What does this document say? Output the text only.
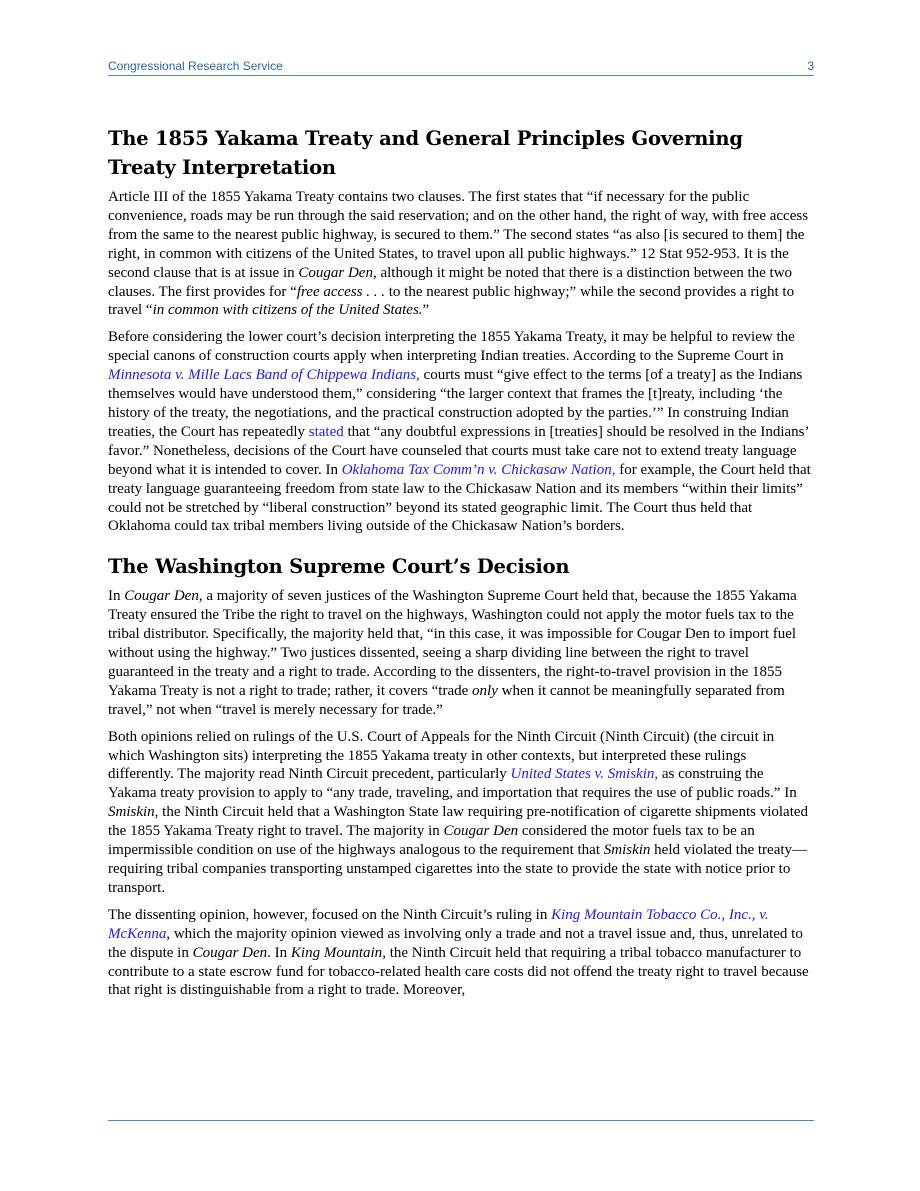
Congressional Research Service	3
The 1855 Yakama Treaty and General Principles Governing Treaty Interpretation

Article III of the 1855 Yakama Treaty contains two clauses. The first states that “if necessary for the public convenience, roads may be run through the said reservation; and on the other hand, the right of way, with free access from the same to the nearest public highway, is secured to them.” The second states “as also [is secured to them] the right, in common with citizens of the United States, to travel upon all public highways.” 12 Stat 952-953. It is the second clause that is at issue in Cougar Den, although it might be noted that there is a distinction between the two clauses. The first provides for “free access . . . to the nearest public highway;” while the second provides a right to travel “in common with citizens of the United States.”

Before considering the lower court’s decision interpreting the 1855 Yakama Treaty, it may be helpful to review the special canons of construction courts apply when interpreting Indian treaties. According to the Supreme Court in Minnesota v. Mille Lacs Band of Chippewa Indians, courts must “give effect to the terms [of a treaty] as the Indians themselves would have understood them,” considering “the larger context that frames the [t]reaty, including ‘the history of the treaty, the negotiations, and the practical construction adopted by the parties.’” In construing Indian treaties, the Court has repeatedly stated that “any doubtful expressions in [treaties] should be resolved in the Indians’ favor.” Nonetheless, decisions of the Court have counseled that courts must take care not to extend treaty language beyond what it is intended to cover. In Oklahoma Tax Comm’n v. Chickasaw Nation, for example, the Court held that treaty language guaranteeing freedom from state law to the Chickasaw Nation and its members “within their limits” could not be stretched by “liberal construction” beyond its stated geographic limit. The Court thus held that Oklahoma could tax tribal members living outside of the Chickasaw Nation’s borders.

The Washington Supreme Court’s Decision

In Cougar Den, a majority of seven justices of the Washington Supreme Court held that, because the 1855 Yakama Treaty ensured the Tribe the right to travel on the highways, Washington could not apply the motor fuels tax to the tribal distributor. Specifically, the majority held that, “in this case, it was impossible for Cougar Den to import fuel without using the highway.” Two justices dissented, seeing a sharp dividing line between the right to travel guaranteed in the treaty and a right to trade. According to the dissenters, the right-to-travel provision in the 1855 Yakama Treaty is not a right to trade; rather, it covers “trade only when it cannot be meaningfully separated from travel,” not when “travel is merely necessary for trade.”

Both opinions relied on rulings of the U.S. Court of Appeals for the Ninth Circuit (Ninth Circuit) (the circuit in which Washington sits) interpreting the 1855 Yakama treaty in other contexts, but interpreted these rulings differently. The majority read Ninth Circuit precedent, particularly United States v. Smiskin, as construing the Yakama treaty provision to apply to “any trade, traveling, and importation that requires the use of public roads.” In Smiskin, the Ninth Circuit held that a Washington State law requiring pre-notification of cigarette shipments violated the 1855 Yakama Treaty right to travel. The majority in Cougar Den considered the motor fuels tax to be an impermissible condition on use of the highways analogous to the requirement that Smiskin held violated the treaty—requiring tribal companies transporting unstamped cigarettes into the state to provide the state with notice prior to transport.

The dissenting opinion, however, focused on the Ninth Circuit’s ruling in King Mountain Tobacco Co., Inc., v. McKenna, which the majority opinion viewed as involving only a trade and not a travel issue and, thus, unrelated to the dispute in Cougar Den. In King Mountain, the Ninth Circuit held that requiring a tribal tobacco manufacturer to contribute to a state escrow fund for tobacco-related health care costs did not offend the treaty right to travel because that right is distinguishable from a right to trade. Moreover,
